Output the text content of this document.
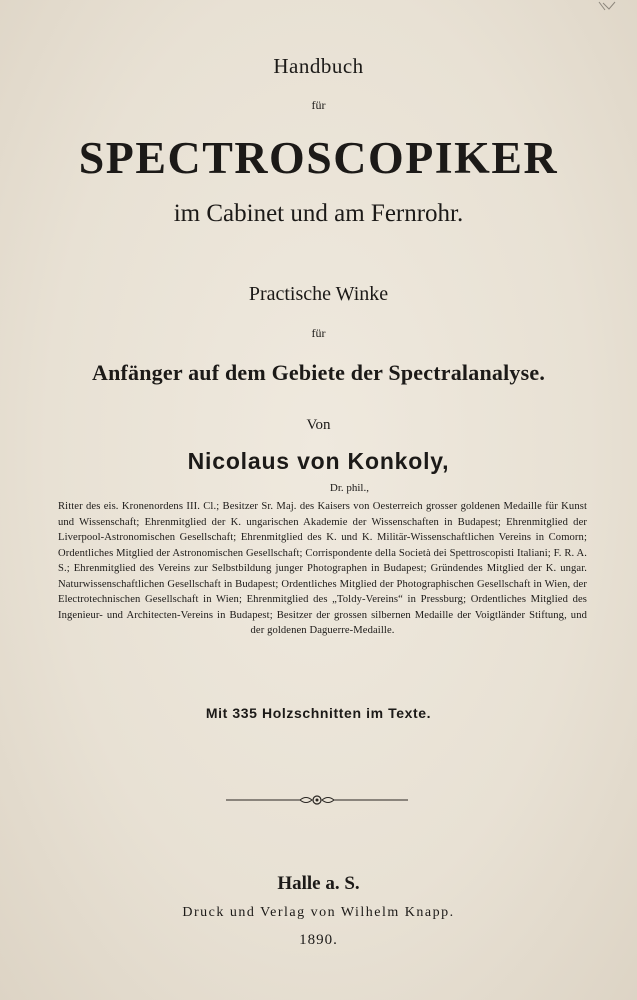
Handbuch
für
SPECTROSCOPIKER
im Cabinet und am Fernrohr.
Practische Winke
für
Anfänger auf dem Gebiete der Spectralanalyse.
Von
Nicolaus von Konkoly,
Dr. phil.,
Ritter des eis. Kronenordens III. Cl.; Besitzer Sr. Maj. des Kaisers von Oesterreich grosser goldenen Medaille für Kunst und Wissenschaft; Ehrenmitglied der K. ungarischen Akademie der Wissenschaften in Budapest; Ehrenmitglied der Liverpool-Astronomischen Gesellschaft; Ehrenmitglied des K. und K. Militär-Wissenschaftlichen Vereins in Comorn; Ordentliches Mitglied der Astronomischen Gesellschaft; Corrispondente della Società dei Spettroscopisti Italiani; F. R. A. S.; Ehrenmitglied des Vereins zur Selbstbildung junger Photographen in Budapest; Gründendes Mitglied der K. ungar. Naturwissenschaftlichen Gesellschaft in Budapest; Ordentliches Mitglied der Photographischen Gesellschaft in Wien, der Electrotechnischen Gesellschaft in Wien; Ehrenmitglied des „Toldy-Vereins“ in Pressburg; Ordentliches Mitglied des Ingenieur- und Architecten-Vereins in Budapest; Besitzer der grossen silbernen Medaille der Voigtländer Stiftung, und der goldenen Daguerre-Medaille.
Mit 335 Holzschnitten im Texte.
Halle a. S.
Druck und Verlag von Wilhelm Knapp.
1890.
